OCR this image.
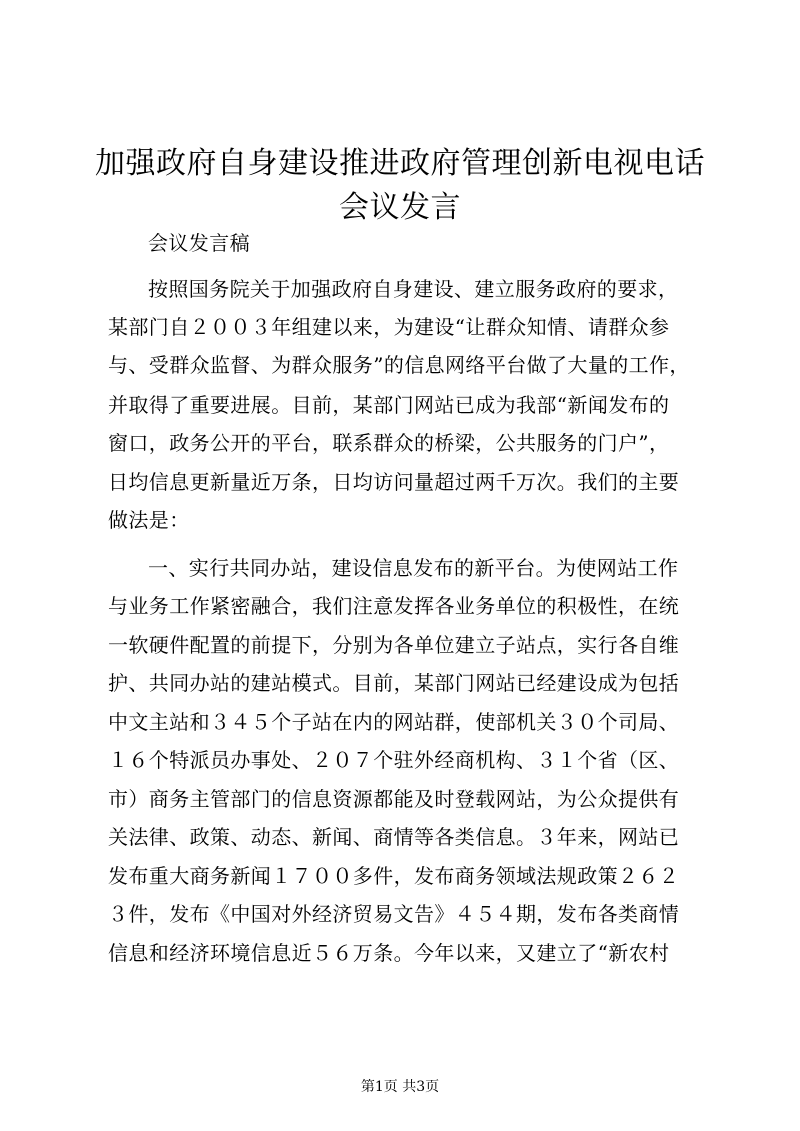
加强政府自身建设推进政府管理创新电视电话
会议发言
会议发言稿
按照国务院关于加强政府自身建设、建立服务政府的要求，
某部门自２００３年组建以来，为建设“让群众知情、请群众参
与、受群众监督、为群众服务”的信息网络平台做了大量的工作，
并取得了重要进展。目前，某部门网站已成为我部“新闻发布的
窗口，政务公开的平台，联系群众的桥梁，公共服务的门户”，
日均信息更新量近万条，日均访问量超过两千万次。我们的主要
做法是：
一、实行共同办站，建设信息发布的新平台。为使网站工作
与业务工作紧密融合，我们注意发挥各业务单位的积极性，在统
一软硬件配置的前提下，分别为各单位建立子站点，实行各自维
护、共同办站的建站模式。目前，某部门网站已经建设成为包括
中文主站和３４５个子站在内的网站群，使部机关３０个司局、
１６个特派员办事处、２０７个驻外经商机构、３１个省（区、
市）商务主管部门的信息资源都能及时登载网站，为公众提供有
关法律、政策、动态、新闻、商情等各类信息。３年来，网站已
发布重大商务新闻１７００多件，发布商务领域法规政策２６２
３件，发布《中国对外经济贸易文告》４５４期，发布各类商情
信息和经济环境信息近５６万条。今年以来，又建立了“新农村
第1页 共3页
